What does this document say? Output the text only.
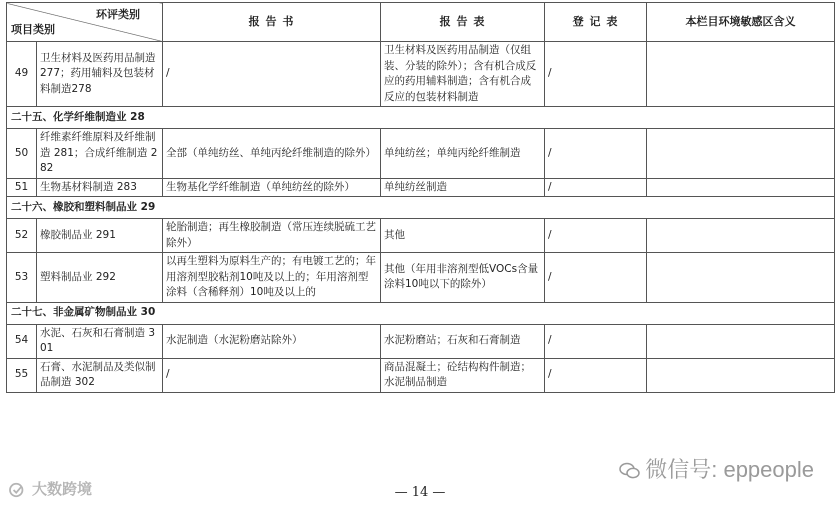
环评类别
项目类别		报 告 书	报 告 表	登 记 表	本栏目环境敏感区含义
49	卫生材料及医药用品制造 277；药用辅料及包装材料制造278	/	卫生材料及医药用品制造（仅组装、分装的除外）；含有机合成反应的药用辅料制造；含有机合成反应的包装材料制造	/	
二十五、化学纤维制造业 28					
50	纤维素纤维原料及纤维制造 281；合成纤维制造 282	全部（单纯纺丝、单纯丙纶纤维制造的除外）	单纯纺丝；单纯丙纶纤维制造	/	
51	生物基材料制造 283	生物基化学纤维制造（单纯纺丝的除外）	单纯纺丝制造	/	
二十六、橡胶和塑料制品业 29					
52	橡胶制品业 291	轮胎制造；再生橡胶制造（常压连续脱硫工艺除外）	其他	/	
53	塑料制品业 292	以再生塑料为原料生产的；有电镀工艺的；年用溶剂型胶粘剂10吨及以上的；年用溶剂型涂料（含稀释剂）10吨及以上的	其他（年用非溶剂型低VOCs含量涂料10吨以下的除外）	/	
二十七、非金属矿物制品业 30					
54	水泥、石灰和石膏制造 301	水泥制造（水泥粉磨站除外）	水泥粉磨站；石灰和石膏制造	/	
55	石膏、水泥制品及类似制品制造 302	/	商品混凝土；砼结构构件制造；水泥制品制造	/	
微信号: eppeople
大数跨境	— 14 —
